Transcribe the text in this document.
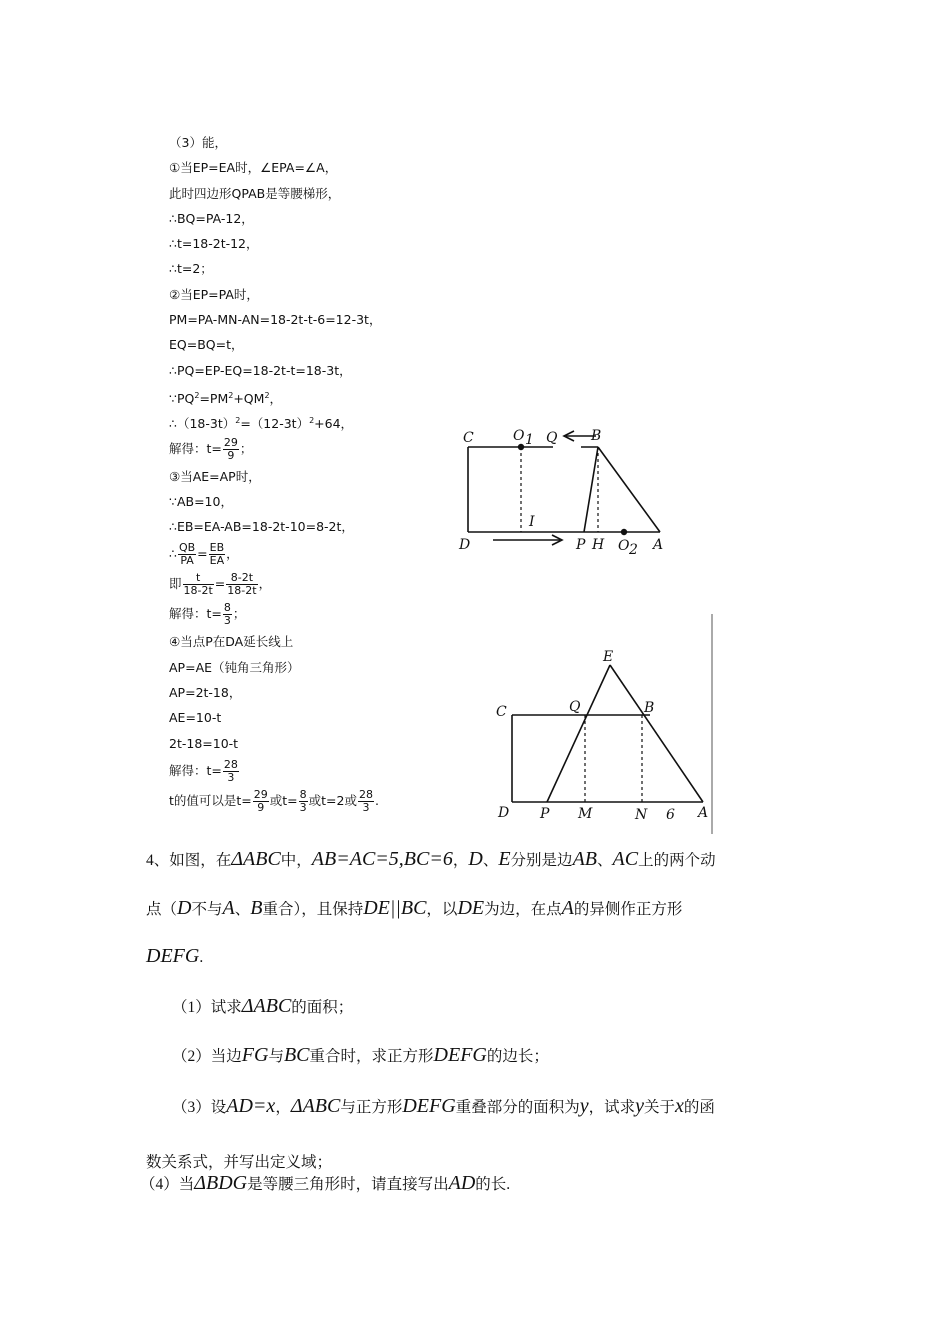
（3）能，
①当EP=EA时，∠EPA=∠A，
此时四边形QPAB是等腰梯形，
∴BQ=PA-12，
∴t=18-2t-12，
∴t=2；
②当EP=PA时，
PM=PA-MN-AN=18-2t-t-6=12-3t，
EQ=BQ=t，
∴PQ=EP-EQ=18-2t-t=18-3t，
$\because PQ^2=PM^2+QM^2$，
$\therefore(18-3t)^2=(12-3t)^2+64$，
解得：$t= \frac{29}{9}$ ；
③当AE=AP时，
∵AB=10，
∴EB=EA-AB=18-2t-10=8-2t，
∴ $\frac{QB}{PA} = \frac{EB}{EA}$ ，
即 $\frac{t}{18-2t} = \frac{8-2t}{18-2t}$ ，
解得：$t= \frac{8}{3}$ ；
④当点P在DA延长线上
AP=AE（钝角三角形）
AP=2t-18，
AE=10-t
2t-18=10-t
解得：$t= \frac{28}{3}$
t的值可以是$t= \frac{29}{9}$ 或$t= \frac{8}{3}$ 或t=2或 $\frac{28}{3}$ .
C	O 1 Q B
D
I
P H O 2 A
E
C	Q	B
D P M	N 6 A
4、如图，在ΔABC中，AB=AC=5,BC=6，D、E分别是边AB、AC上的两个动
点（D不与A、B重合），且保持DE||BC，以DE为边，在点A的异侧作正方形
DEFG.
（1）试求ΔABC的面积；
（2）当边FG与BC重合时，求正方形DEFG的边长；
（3）设AD=x，ΔABC与正方形DEFG重叠部分的面积为y，试求y关于x的函
数关系式，并写出定义域；
（4）当ΔBDG是等腰三角形时，请直接写出AD的长.
